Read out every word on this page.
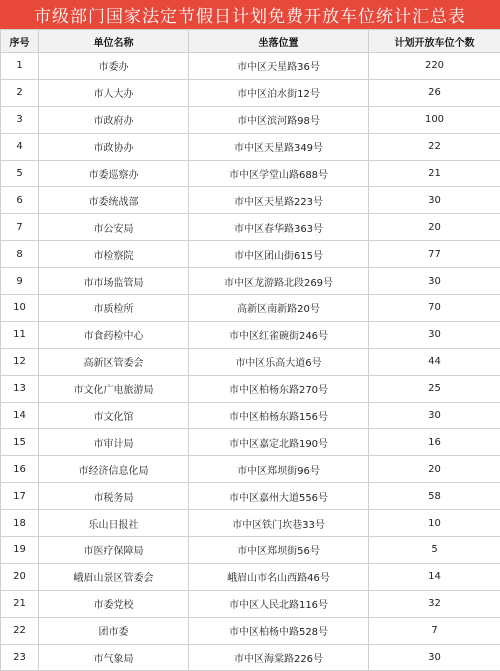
市级部门国家法定节假日计划免费开放车位统计汇总表
序号	单位名称	坐落位置	计划开放车位个数
1	市委办	市中区天星路36号	220
2	市人大办	市中区泊水街12号	26
3	市政府办	市中区滨河路98号	100
4	市政协办	市中区天星路349号	22
5	市委巡察办	市中区学堂山路688号	21
6	市委统战部	市中区天星路223号	30
7	市公安局	市中区春华路363号	20
8	市检察院	市中区团山街615号	77
9	市市场监管局	市中区龙游路北段269号	30
10	市质检所	高新区南新路20号	70
11	市食药检中心	市中区红雀碗街246号	30
12	高新区管委会	市中区乐高大道6号	44
13	市文化广电旅游局	市中区柏杨东路270号	25
14	市文化馆	市中区柏杨东路156号	30
15	市审计局	市中区嘉定北路190号	16
16	市经济信息化局	市中区郑坝街96号	20
17	市税务局	市中区嘉州大道556号	58
18	乐山日报社	市中区铁门坎巷33号	10
19	市医疗保障局	市中区郑坝街56号	5
20	峨眉山景区管委会	峨眉山市名山西路46号	14
21	市委党校	市中区人民北路116号	32
22	团市委	市中区柏杨中路528号	7
23	市气象局	市中区海棠路226号	30
